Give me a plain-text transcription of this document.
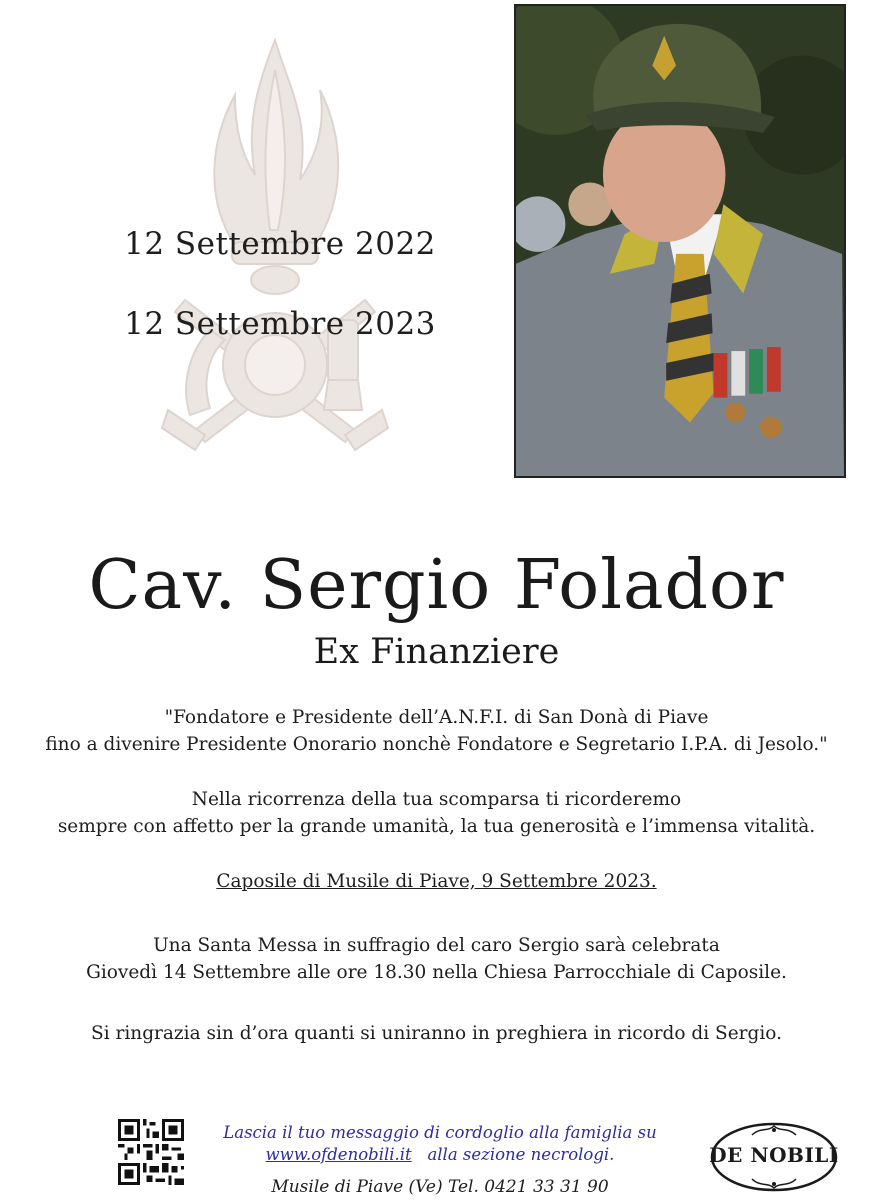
12 Settembre 2022
12 Settembre 2023
Cav. Sergio Folador
Ex Finanziere
"Fondatore e Presidente dell’A.N.F.I. di San Donà di Piave
fino a divenire Presidente Onorario nonchè Fondatore e Segretario I.P.A. di Jesolo."
Nella ricorrenza della tua scomparsa ti ricorderemo
sempre con affetto per la grande umanità, la tua generosità e l’immensa vitalità.
Caposile di Musile di Piave, 9 Settembre 2023.
Una Santa Messa in suffragio del caro Sergio sarà celebrata
Giovedì 14 Settembre alle ore 18.30 nella Chiesa Parrocchiale di Caposile.
Si ringrazia sin d’ora quanti si uniranno in preghiera in ricordo di Sergio.
Lascia il tuo messaggio di cordoglio alla famiglia su
www.ofdenobili.it alla sezione necrologi.
Musile di Piave (Ve) Tel. 0421 33 31 90
DE NOBILI
